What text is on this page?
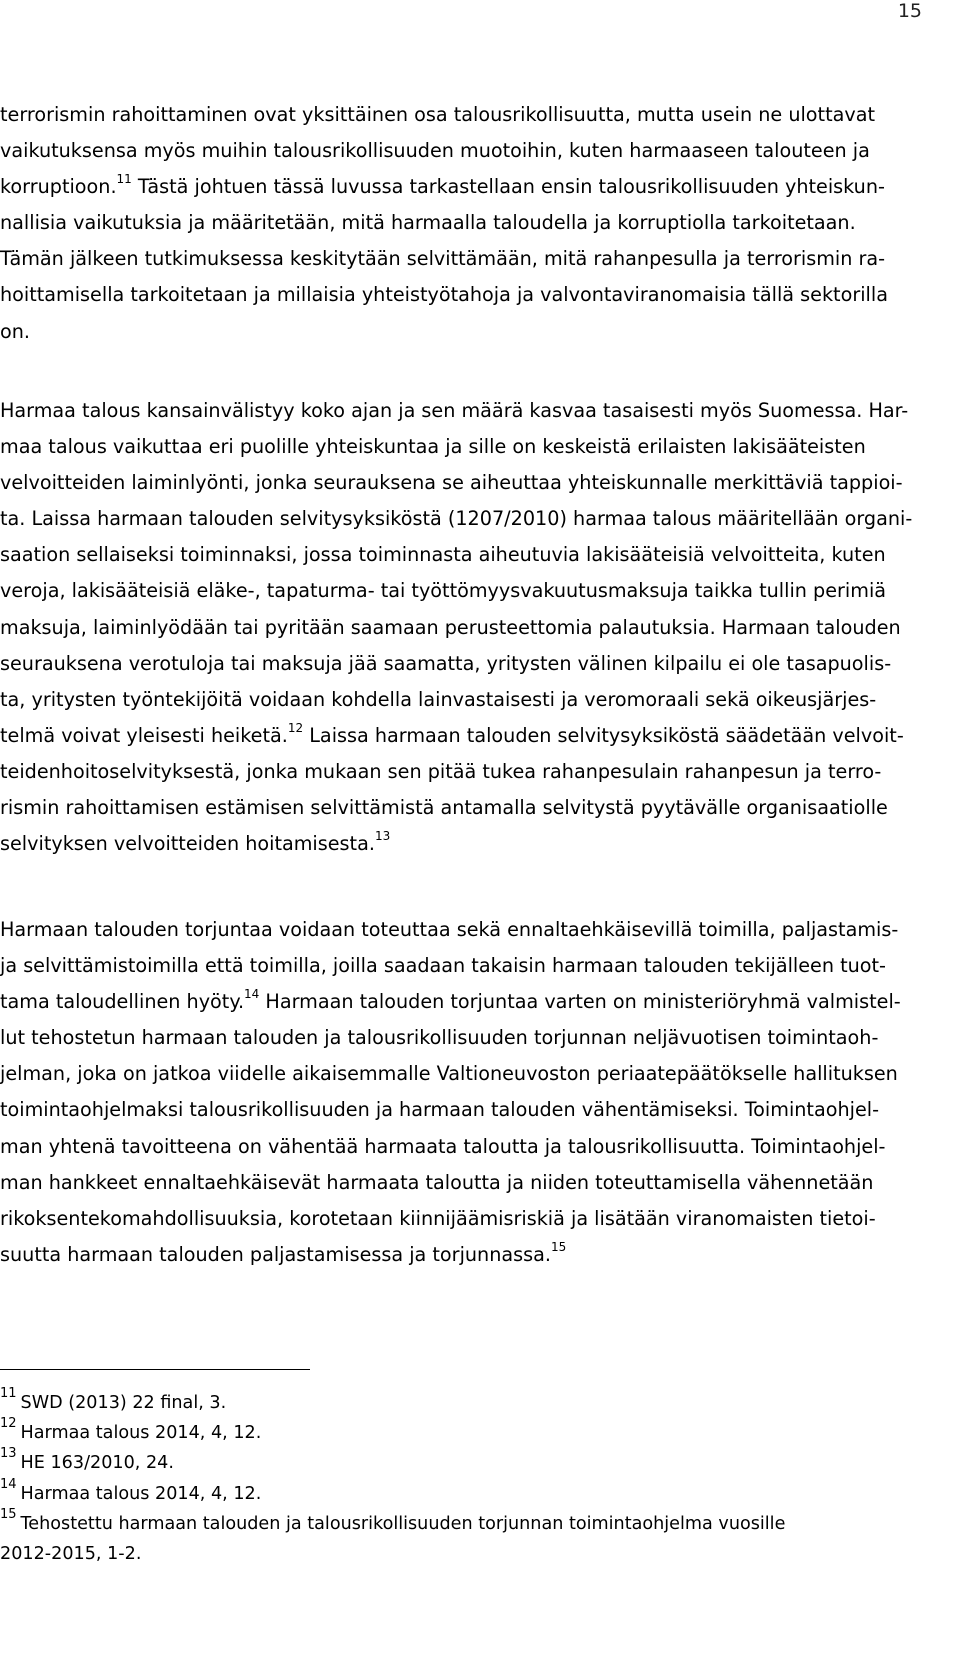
15
terrorismin rahoittaminen ovat yksittäinen osa talousrikollisuutta, mutta usein ne ulottavat
vaikutuksensa myös muihin talousrikollisuuden muotoihin, kuten harmaaseen talouteen ja
korruptioon.$^{11}$ Tästä johtuen tässä luvussa tarkastellaan ensin talousrikollisuuden yhteiskun-
nallisia vaikutuksia ja määritetään, mitä harmaalla taloudella ja korruptiolla tarkoitetaan.
Tämän jälkeen tutkimuksessa keskitytään selvittämään, mitä rahanpesulla ja terrorismin ra-
hoittamisella tarkoitetaan ja millaisia yhteistyötahoja ja valvontaviranomaisia tällä sektorilla
on.
Harmaa talous kansainvälistyy koko ajan ja sen määrä kasvaa tasaisesti myös Suomessa. Har-
maa talous vaikuttaa eri puolille yhteiskuntaa ja sille on keskeistä erilaisten lakisääteisten
velvoitteiden laiminlyönti, jonka seurauksena se aiheuttaa yhteiskunnalle merkittäviä tappioi-
ta. Laissa harmaan talouden selvitysyksiköstä (1207/2010) harmaa talous määritellään organi-
saation sellaiseksi toiminnaksi, jossa toiminnasta aiheutuvia lakisääteisiä velvoitteita, kuten
veroja, lakisääteisiä eläke-, tapaturma- tai työttömyysvakuutusmaksuja taikka tullin perimiä
maksuja, laiminlyödään tai pyritään saamaan perusteettomia palautuksia. Harmaan talouden
seurauksena verotuloja tai maksuja jää saamatta, yritysten välinen kilpailu ei ole tasapuolis-
ta, yritysten työntekijöitä voidaan kohdella lainvastaisesti ja veromoraali sekä oikeusjärjes-
telmä voivat yleisesti heiketä.$^{12}$ Laissa harmaan talouden selvitysyksiköstä säädetään velvoit-
teidenhoitoselvityksestä, jonka mukaan sen pitää tukea rahanpesulain rahanpesun ja terro-
rismin rahoittamisen estämisen selvittämistä antamalla selvitystä pyytävälle organisaatiolle
selvityksen velvoitteiden hoitamisesta.$^{13}$
Harmaan talouden torjuntaa voidaan toteuttaa sekä ennaltaehkäisevillä toimilla, paljastamis-
ja selvittämistoimilla että toimilla, joilla saadaan takaisin harmaan talouden tekijälleen tuot-
tama taloudellinen hyöty.$^{14}$ Harmaan talouden torjuntaa varten on ministeriöryhmä valmistel-
lut tehostetun harmaan talouden ja talousrikollisuuden torjunnan neljävuotisen toimintaoh-
jelman, joka on jatkoa viidelle aikaisemmalle Valtioneuvoston periaatepäätökselle hallituksen
toimintaohjelmaksi talousrikollisuuden ja harmaan talouden vähentämiseksi. Toimintaohjel-
man yhtenä tavoitteena on vähentää harmaata taloutta ja talousrikollisuutta. Toimintaohjel-
man hankkeet ennaltaehkäisevät harmaata taloutta ja niiden toteuttamisella vähennetään
rikoksentekomahdollisuuksia, korotetaan kiinnijäämisriskiä ja lisätään viranomaisten tietoi-
suutta harmaan talouden paljastamisessa ja torjunnassa.$^{15}$
$^{11}$ SWD (2013) 22 final, 3.
$^{12}$ Harmaa talous 2014, 4, 12.
$^{13}$ HE 163/2010, 24.
$^{14}$ Harmaa talous 2014, 4, 12.
$^{15}$ Tehostettu harmaan talouden ja talousrikollisuuden torjunnan toimintaohjelma vuosille
2012-2015, 1-2.
